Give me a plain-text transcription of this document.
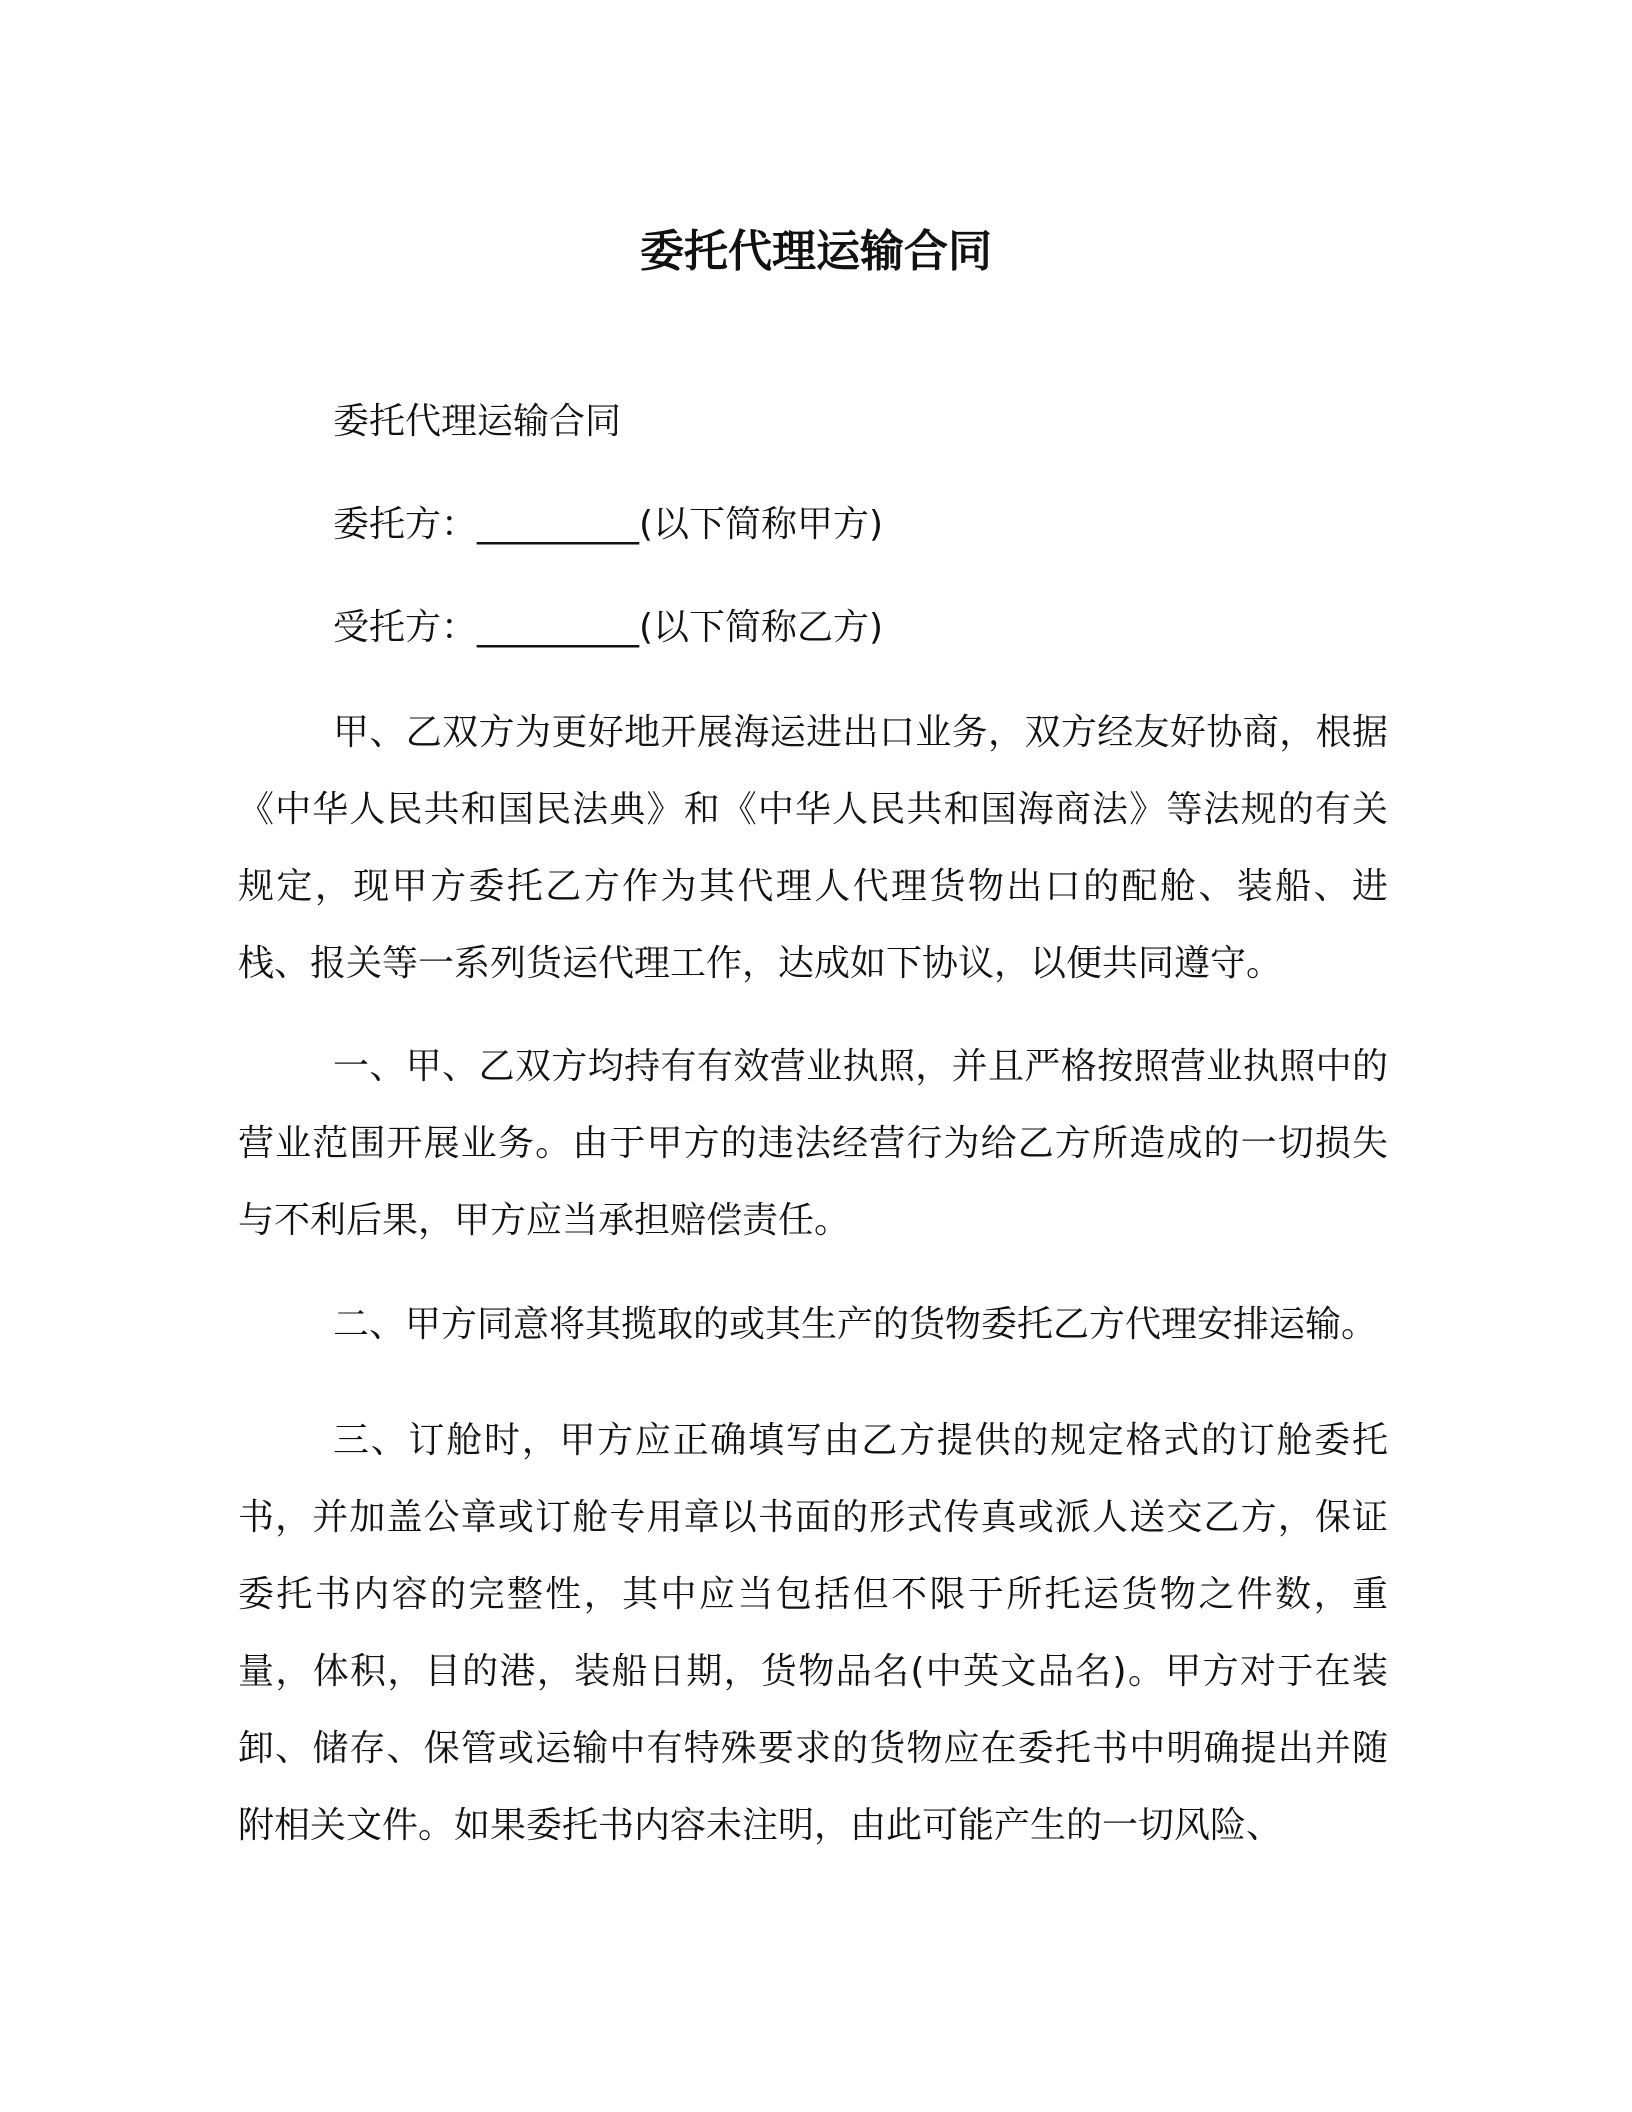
委托代理运输合同

委托代理运输合同

委托方：_________(以下简称甲方)

受托方：_________(以下简称乙方)

甲、乙双方为更好地开展海运进出口业务，双方经友好协商，根据《中华人民共和国民法典》和《中华人民共和国海商法》等法规的有关规定，现甲方委托乙方作为其代理人代理货物出口的配舱、装船、进栈、报关等一系列货运代理工作，达成如下协议，以便共同遵守。

一、甲、乙双方均持有有效营业执照，并且严格按照营业执照中的营业范围开展业务。由于甲方的违法经营行为给乙方所造成的一切损失与不利后果，甲方应当承担赔偿责任。

二、甲方同意将其揽取的或其生产的货物委托乙方代理安排运输。

三、订舱时，甲方应正确填写由乙方提供的规定格式的订舱委托书，并加盖公章或订舱专用章以书面的形式传真或派人送交乙方，保证委托书内容的完整性，其中应当包括但不限于所托运货物之件数，重量，体积，目的港，装船日期，货物品名(中英文品名)。甲方对于在装卸、储存、保管或运输中有特殊要求的货物应在委托书中明确提出并随附相关文件。如果委托书内容未注明，由此可能产生的一切风险、
